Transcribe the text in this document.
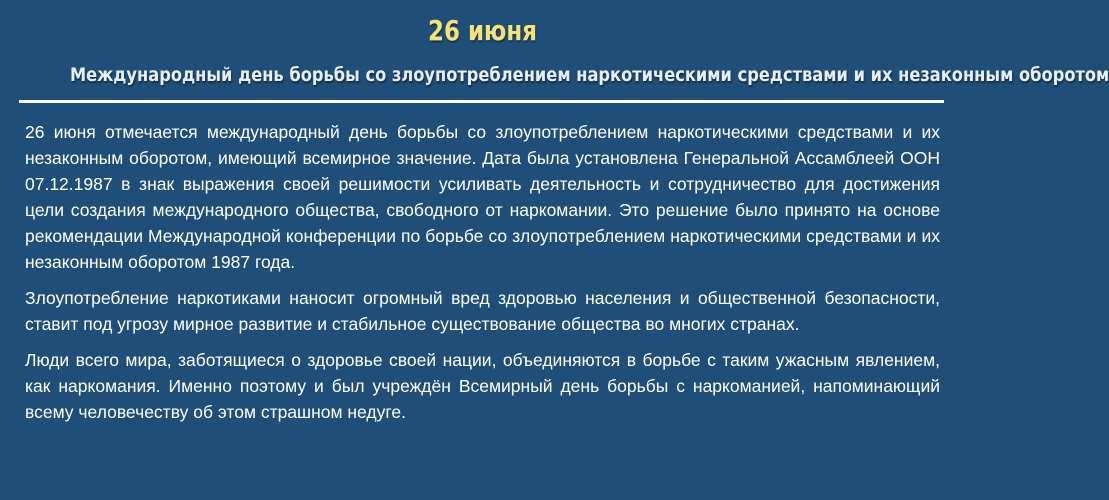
26 июня
Международный день борьбы со злоупотреблением наркотическими средствами и их незаконным оборотом

26 июня отмечается международный день борьбы со злоупотреблением наркотическими средствами и их незаконным оборотом, имеющий всемирное значение. Дата была установлена Генеральной Ассамблеей ООН 07.12.1987 в знак выражения своей решимости усиливать деятельность и сотрудничество для достижения цели создания международного общества, свободного от наркомании. Это решение было принято на основе рекомендации Международной конференции по борьбе со злоупотреблением наркотическими средствами и их незаконным оборотом 1987 года.

Злоупотребление наркотиками наносит огромный вред здоровью населения и общественной безопасности, ставит под угрозу мирное развитие и стабильное существование общества во многих странах.

Люди всего мира, заботящиеся о здоровье своей нации, объединяются в борьбе с таким ужасным явлением, как наркомания. Именно поэтому и был учреждён Всемирный день борьбы с наркоманией, напоминающий всему человечеству об этом страшном недуге.
